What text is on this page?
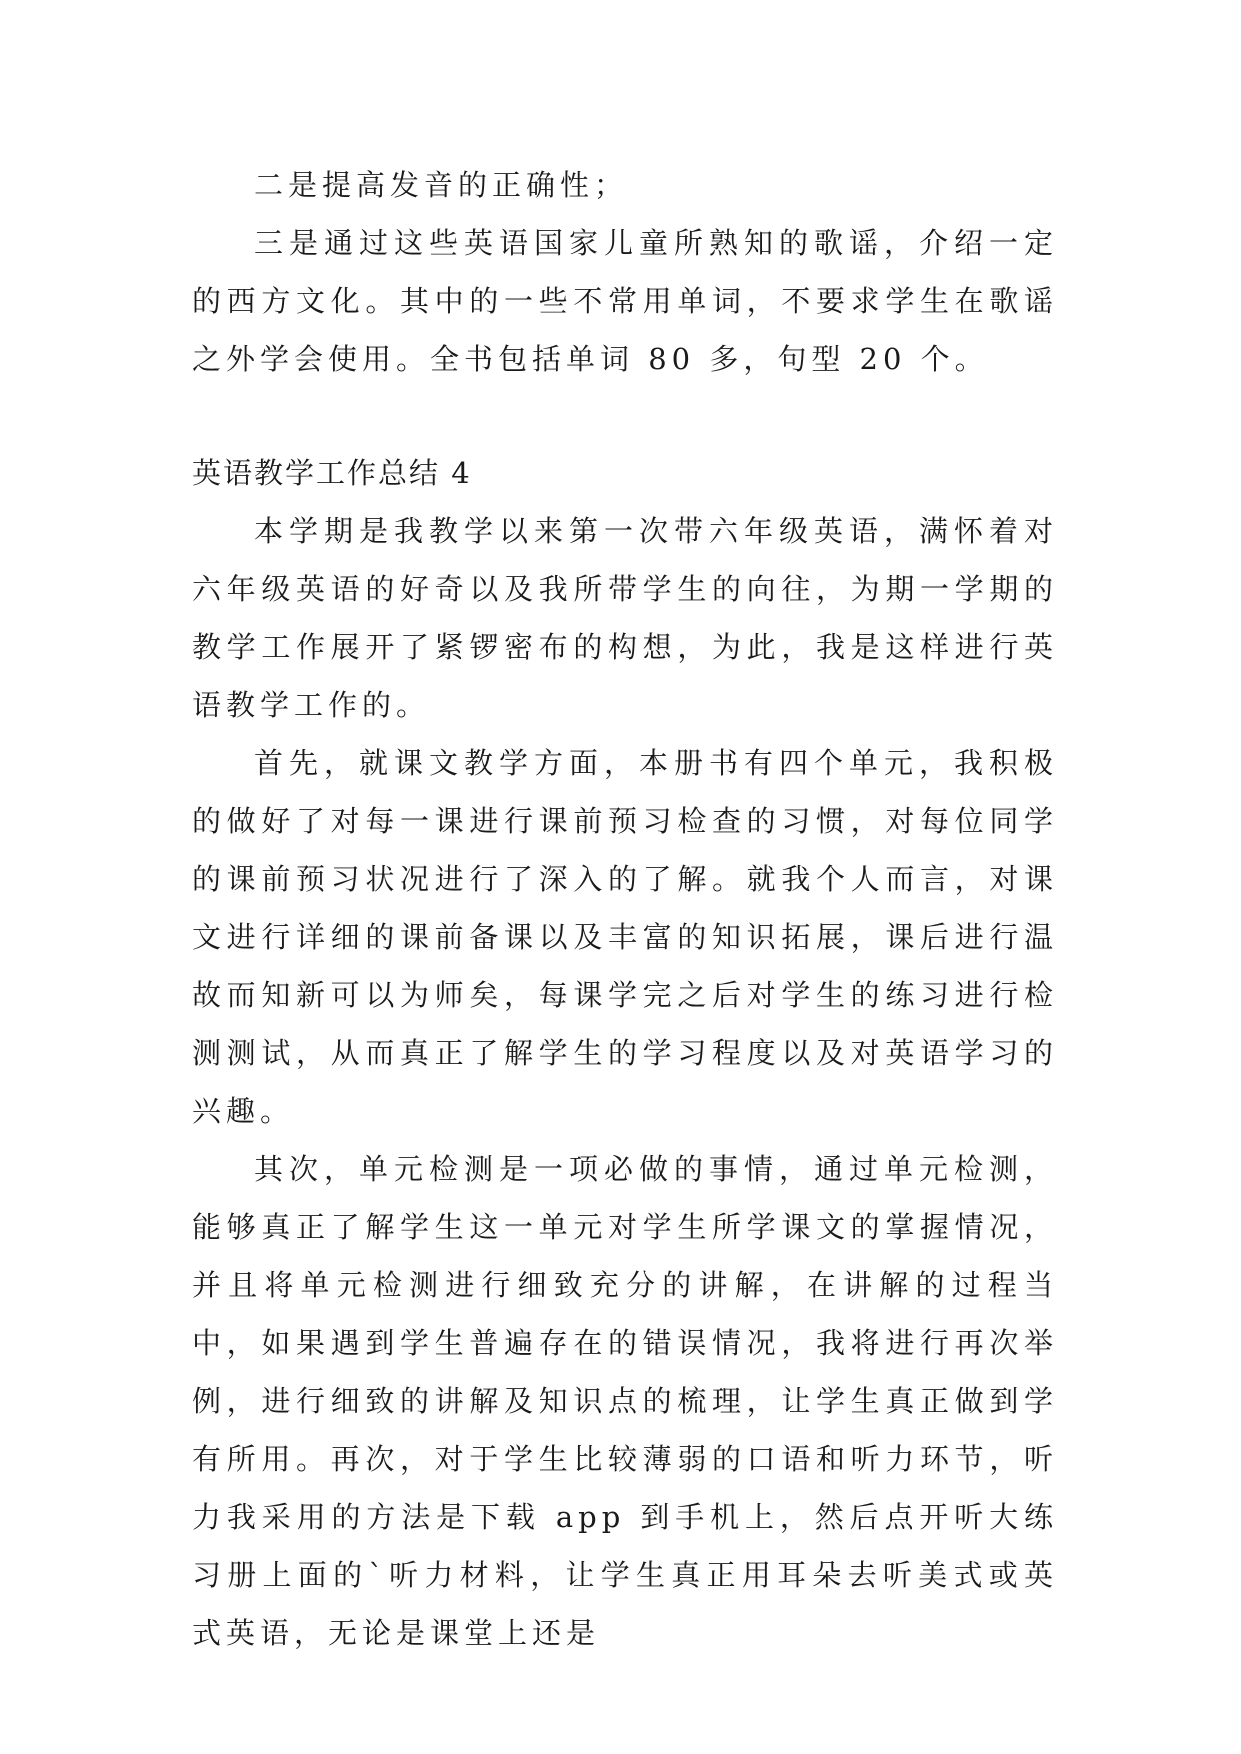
二是提高发音的正确性；

三是通过这些英语国家儿童所熟知的歌谣，介绍一定的西方文化。其中的一些不常用单词，不要求学生在歌谣之外学会使用。全书包括单词 80 多，句型 20 个。

英语教学工作总结 4

本学期是我教学以来第一次带六年级英语，满怀着对六年级英语的好奇以及我所带学生的向往，为期一学期的教学工作展开了紧锣密布的构想，为此，我是这样进行英语教学工作的。

首先，就课文教学方面，本册书有四个单元，我积极的做好了对每一课进行课前预习检查的习惯，对每位同学的课前预习状况进行了深入的了解。就我个人而言，对课文进行详细的课前备课以及丰富的知识拓展，课后进行温故而知新可以为师矣，每课学完之后对学生的练习进行检测测试，从而真正了解学生的学习程度以及对英语学习的兴趣。

其次，单元检测是一项必做的事情，通过单元检测，能够真正了解学生这一单元对学生所学课文的掌握情况，并且将单元检测进行细致充分的讲解，在讲解的过程当中，如果遇到学生普遍存在的错误情况，我将进行再次举例，进行细致的讲解及知识点的梳理，让学生真正做到学有所用。再次，对于学生比较薄弱的口语和听力环节，听力我采用的方法是下载 app 到手机上，然后点开听大练习册上面的`听力材料，让学生真正用耳朵去听美式或英式英语，无论是课堂上还是
